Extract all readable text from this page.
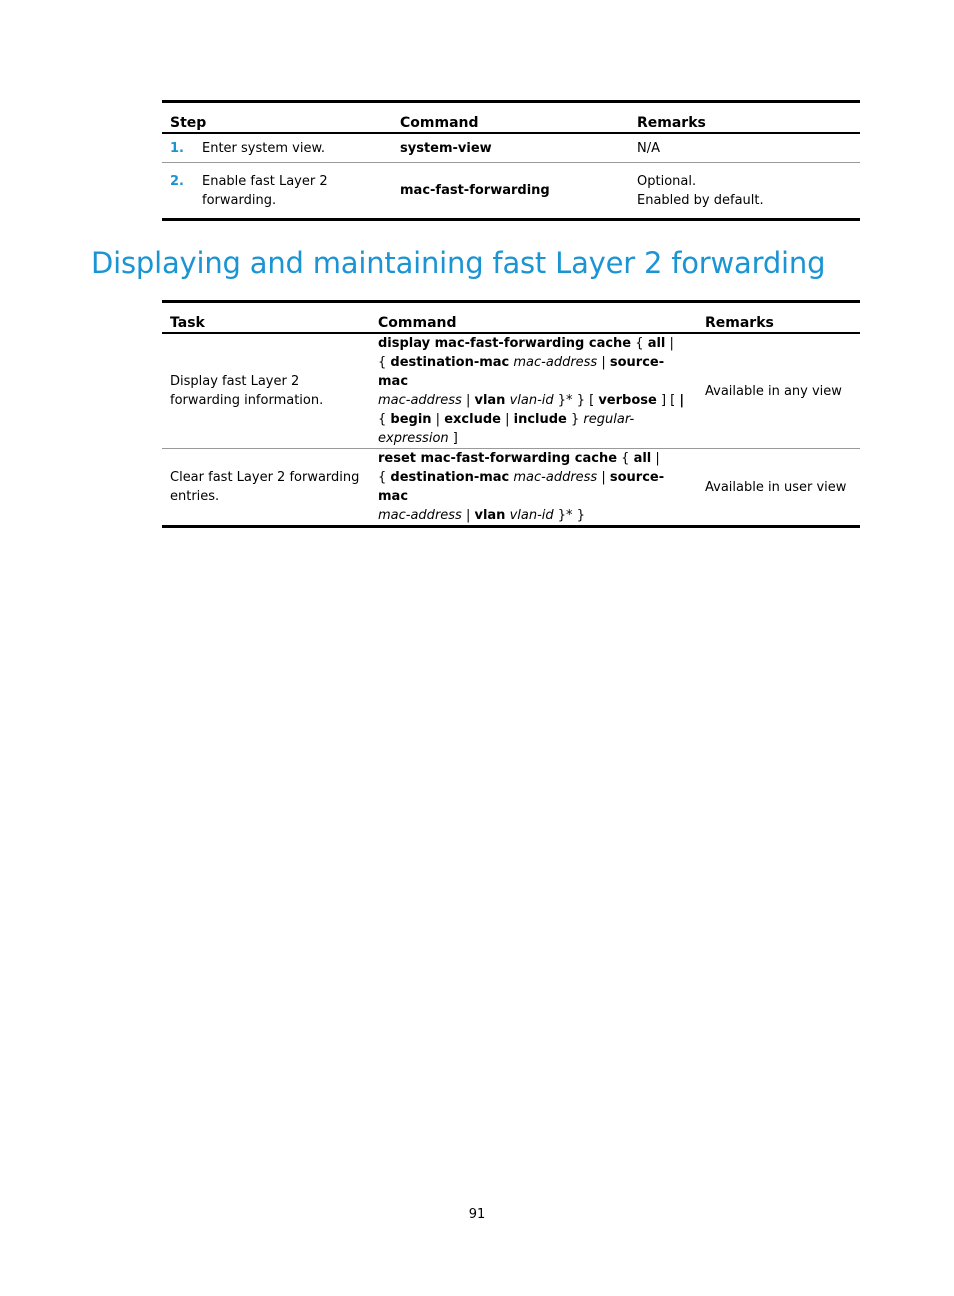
Step	Command	Remarks
1. Enter system view.	system-view	N/A
2. Enable fast Layer 2 forwarding.	mac-fast-forwarding	Optional.
Enabled by default.
Displaying and maintaining fast Layer 2 forwarding
Task	Command	Remarks
Display fast Layer 2 forwarding information.	display mac-fast-forwarding cache { all |
{ destination-mac mac-address | source-mac
mac-address | vlan vlan-id }* } [ verbose ] [ |
{ begin | exclude | include } regular-expression ]	Available in any view
Clear fast Layer 2 forwarding entries.	reset mac-fast-forwarding cache { all |
{ destination-mac mac-address | source-mac
mac-address | vlan vlan-id }* }	Available in user view
91
